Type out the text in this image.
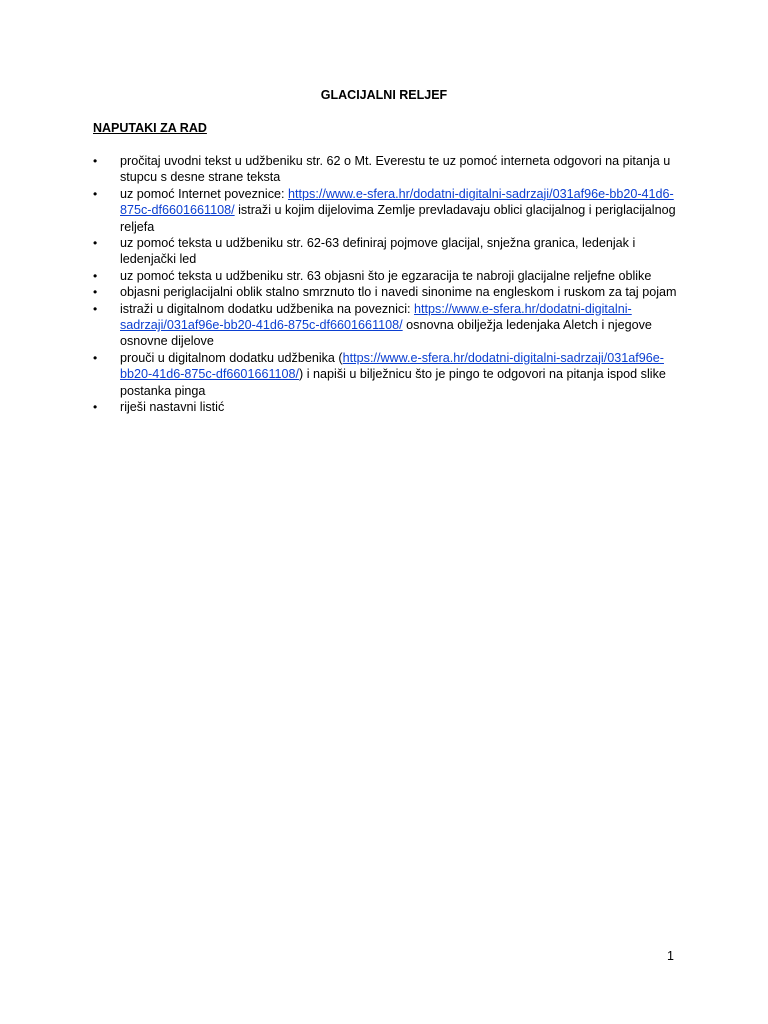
GLACIJALNI RELJEF
NAPUTAKI ZA RAD
• pročitaj uvodni tekst u udžbeniku str. 62 o Mt. Everestu te uz pomoć interneta odgovori na pitanja u stupcu s desne strane teksta
• uz pomoć Internet poveznice: https://www.e-sfera.hr/dodatni-digitalni-sadrzaji/031af96e-bb20-41d6-875c-df6601661108/ istraži u kojim dijelovima Zemlje prevladavaju oblici glacijalnog i periglacijalnog reljefa
• uz pomoć teksta u udžbeniku str. 62-63 definiraj pojmove glacijal, snježna granica, ledenjak i ledenjački led
• uz pomoć teksta u udžbeniku str. 63 objasni što je egzaracija te nabroji glacijalne reljefne oblike
• objasni periglacijalni oblik stalno smrznuto tlo i navedi sinonime na engleskom i ruskom za taj pojam
• istraži u digitalnom dodatku udžbenika na poveznici: https://www.e-sfera.hr/dodatni-digitalni-sadrzaji/031af96e-bb20-41d6-875c-df6601661108/ osnovna obilježja ledenjaka Aletch i njegove osnovne dijelove
• prouči u digitalnom dodatku udžbenika (https://www.e-sfera.hr/dodatni-digitalni-sadrzaji/031af96e-bb20-41d6-875c-df6601661108/) i napiši u bilježnicu što je pingo te odgovori na pitanja ispod slike postanka pinga
• riješi nastavni listić
1
